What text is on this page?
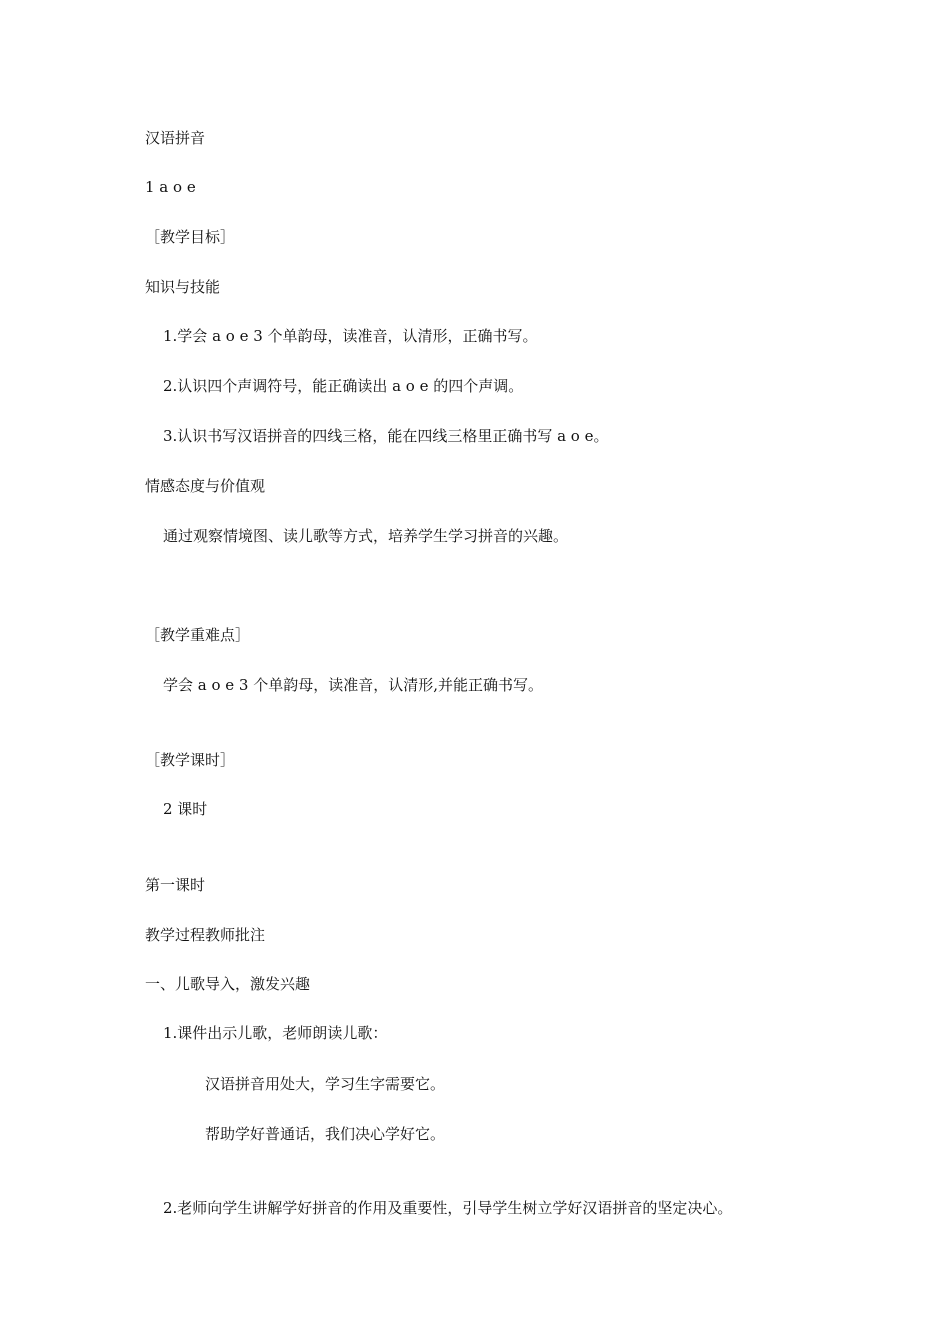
汉语拼音
1 a o e
［教学目标］
知识与技能
1.学会 a o e 3 个单韵母，读准音，认清形，正确书写。
2.认识四个声调符号，能正确读出 a o e 的四个声调。
3.认识书写汉语拼音的四线三格，能在四线三格里正确书写 a o e。
情感态度与价值观
通过观察情境图、读儿歌等方式，培养学生学习拼音的兴趣。
［教学重难点］
学会 a o e 3 个单韵母，读准音，认清形,并能正确书写。
［教学课时］
2 课时
第一课时
教学过程教师批注
一、儿歌导入，激发兴趣
1.课件出示儿歌，老师朗读儿歌：
汉语拼音用处大，学习生字需要它。
帮助学好普通话，我们决心学好它。
2.老师向学生讲解学好拼音的作用及重要性，引导学生树立学好汉语拼音的坚定决心。
